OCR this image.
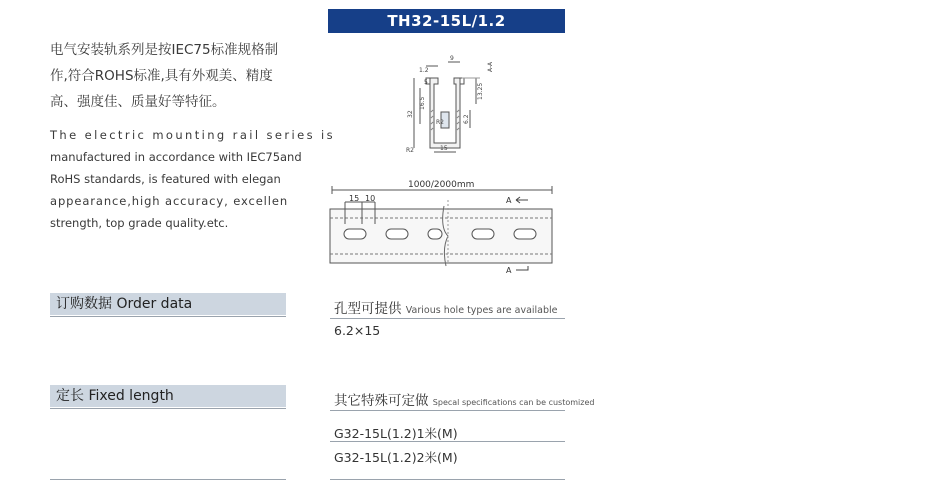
电气安装轨系列是按IEC75标准规格制
作,符合ROHS标准,具有外观美、精度
高、强度佳、质量好等特征。
The electric mounting rail series is
manufactured in accordance with IEC75and
RoHS standards, is featured with elegan
appearance,high accuracy, excellen
strength, top grade quality.etc.
订购数据 Order data
定长 Fixed length
TH32-15L/1.2
1.2
9
5
16.5
32
13.25
6.2
R2
R2	15
A-A
1000/2000mm
15 10	A
A
孔型可提供 Various hole types are available
6.2×15
其它特殊可定做 Specal specifications can be customized
G32-15L(1.2)1米(M)
G32-15L(1.2)2米(M)
